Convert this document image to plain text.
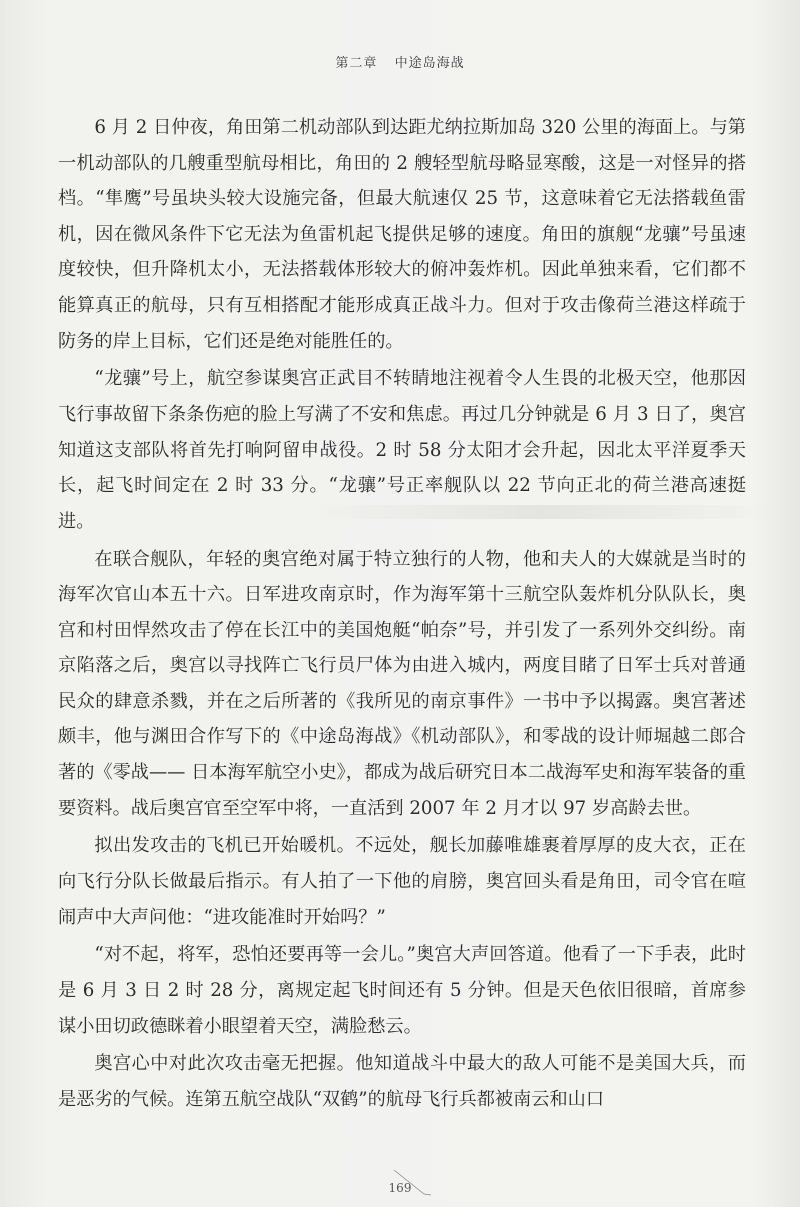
第二章 中途岛海战

6 月 2 日仲夜，角田第二机动部队到达距尤纳拉斯加岛 320 公里的海面上。与第一机动部队的几艘重型航母相比，角田的 2 艘轻型航母略显寒酸，这是一对怪异的搭档。“隼鹰”号虽块头较大设施完备，但最大航速仅 25 节，这意味着它无法搭载鱼雷机，因在微风条件下它无法为鱼雷机起飞提供足够的速度。角田的旗舰“龙骧”号虽速度较快，但升降机太小，无法搭载体形较大的俯冲轰炸机。因此单独来看，它们都不能算真正的航母，只有互相搭配才能形成真正战斗力。但对于攻击像荷兰港这样疏于防务的岸上目标，它们还是绝对能胜任的。

“龙骧”号上，航空参谋奥宫正武目不转睛地注视着令人生畏的北极天空，他那因飞行事故留下条条伤疤的脸上写满了不安和焦虑。再过几分钟就是 6 月 3 日了，奥宫知道这支部队将首先打响阿留申战役。2 时 58 分太阳才会升起，因北太平洋夏季天长，起飞时间定在 2 时 33 分。“龙骧”号正率舰队以 22 节向正北的荷兰港高速挺进。

在联合舰队，年轻的奥宫绝对属于特立独行的人物，他和夫人的大媒就是当时的海军次官山本五十六。日军进攻南京时，作为海军第十三航空队轰炸机分队队长，奥宫和村田悍然攻击了停在长江中的美国炮艇“帕奈”号，并引发了一系列外交纠纷。南京陷落之后，奥宫以寻找阵亡飞行员尸体为由进入城内，两度目睹了日军士兵对普通民众的肆意杀戮，并在之后所著的《我所见的南京事件》一书中予以揭露。奥宫著述颇丰，他与渊田合作写下的《中途岛海战》《机动部队》，和零战的设计师堀越二郎合著的《零战—— 日本海军航空小史》，都成为战后研究日本二战海军史和海军装备的重要资料。战后奥宫官至空军中将，一直活到 2007 年 2 月才以 97 岁高龄去世。

拟出发攻击的飞机已开始暖机。不远处，舰长加藤唯雄裹着厚厚的皮大衣，正在向飞行分队长做最后指示。有人拍了一下他的肩膀，奥宫回头看是角田，司令官在喧闹声中大声问他：“进攻能准时开始吗？”

“对不起，将军，恐怕还要再等一会儿。”奥宫大声回答道。他看了一下手表，此时是 6 月 3 日 2 时 28 分，离规定起飞时间还有 5 分钟。但是天色依旧很暗，首席参谋小田切政德眯着小眼望着天空，满脸愁云。

奥宫心中对此次攻击毫无把握。他知道战斗中最大的敌人可能不是美国大兵，而是恶劣的气候。连第五航空战队“双鹤”的航母飞行兵都被南云和山口

169
